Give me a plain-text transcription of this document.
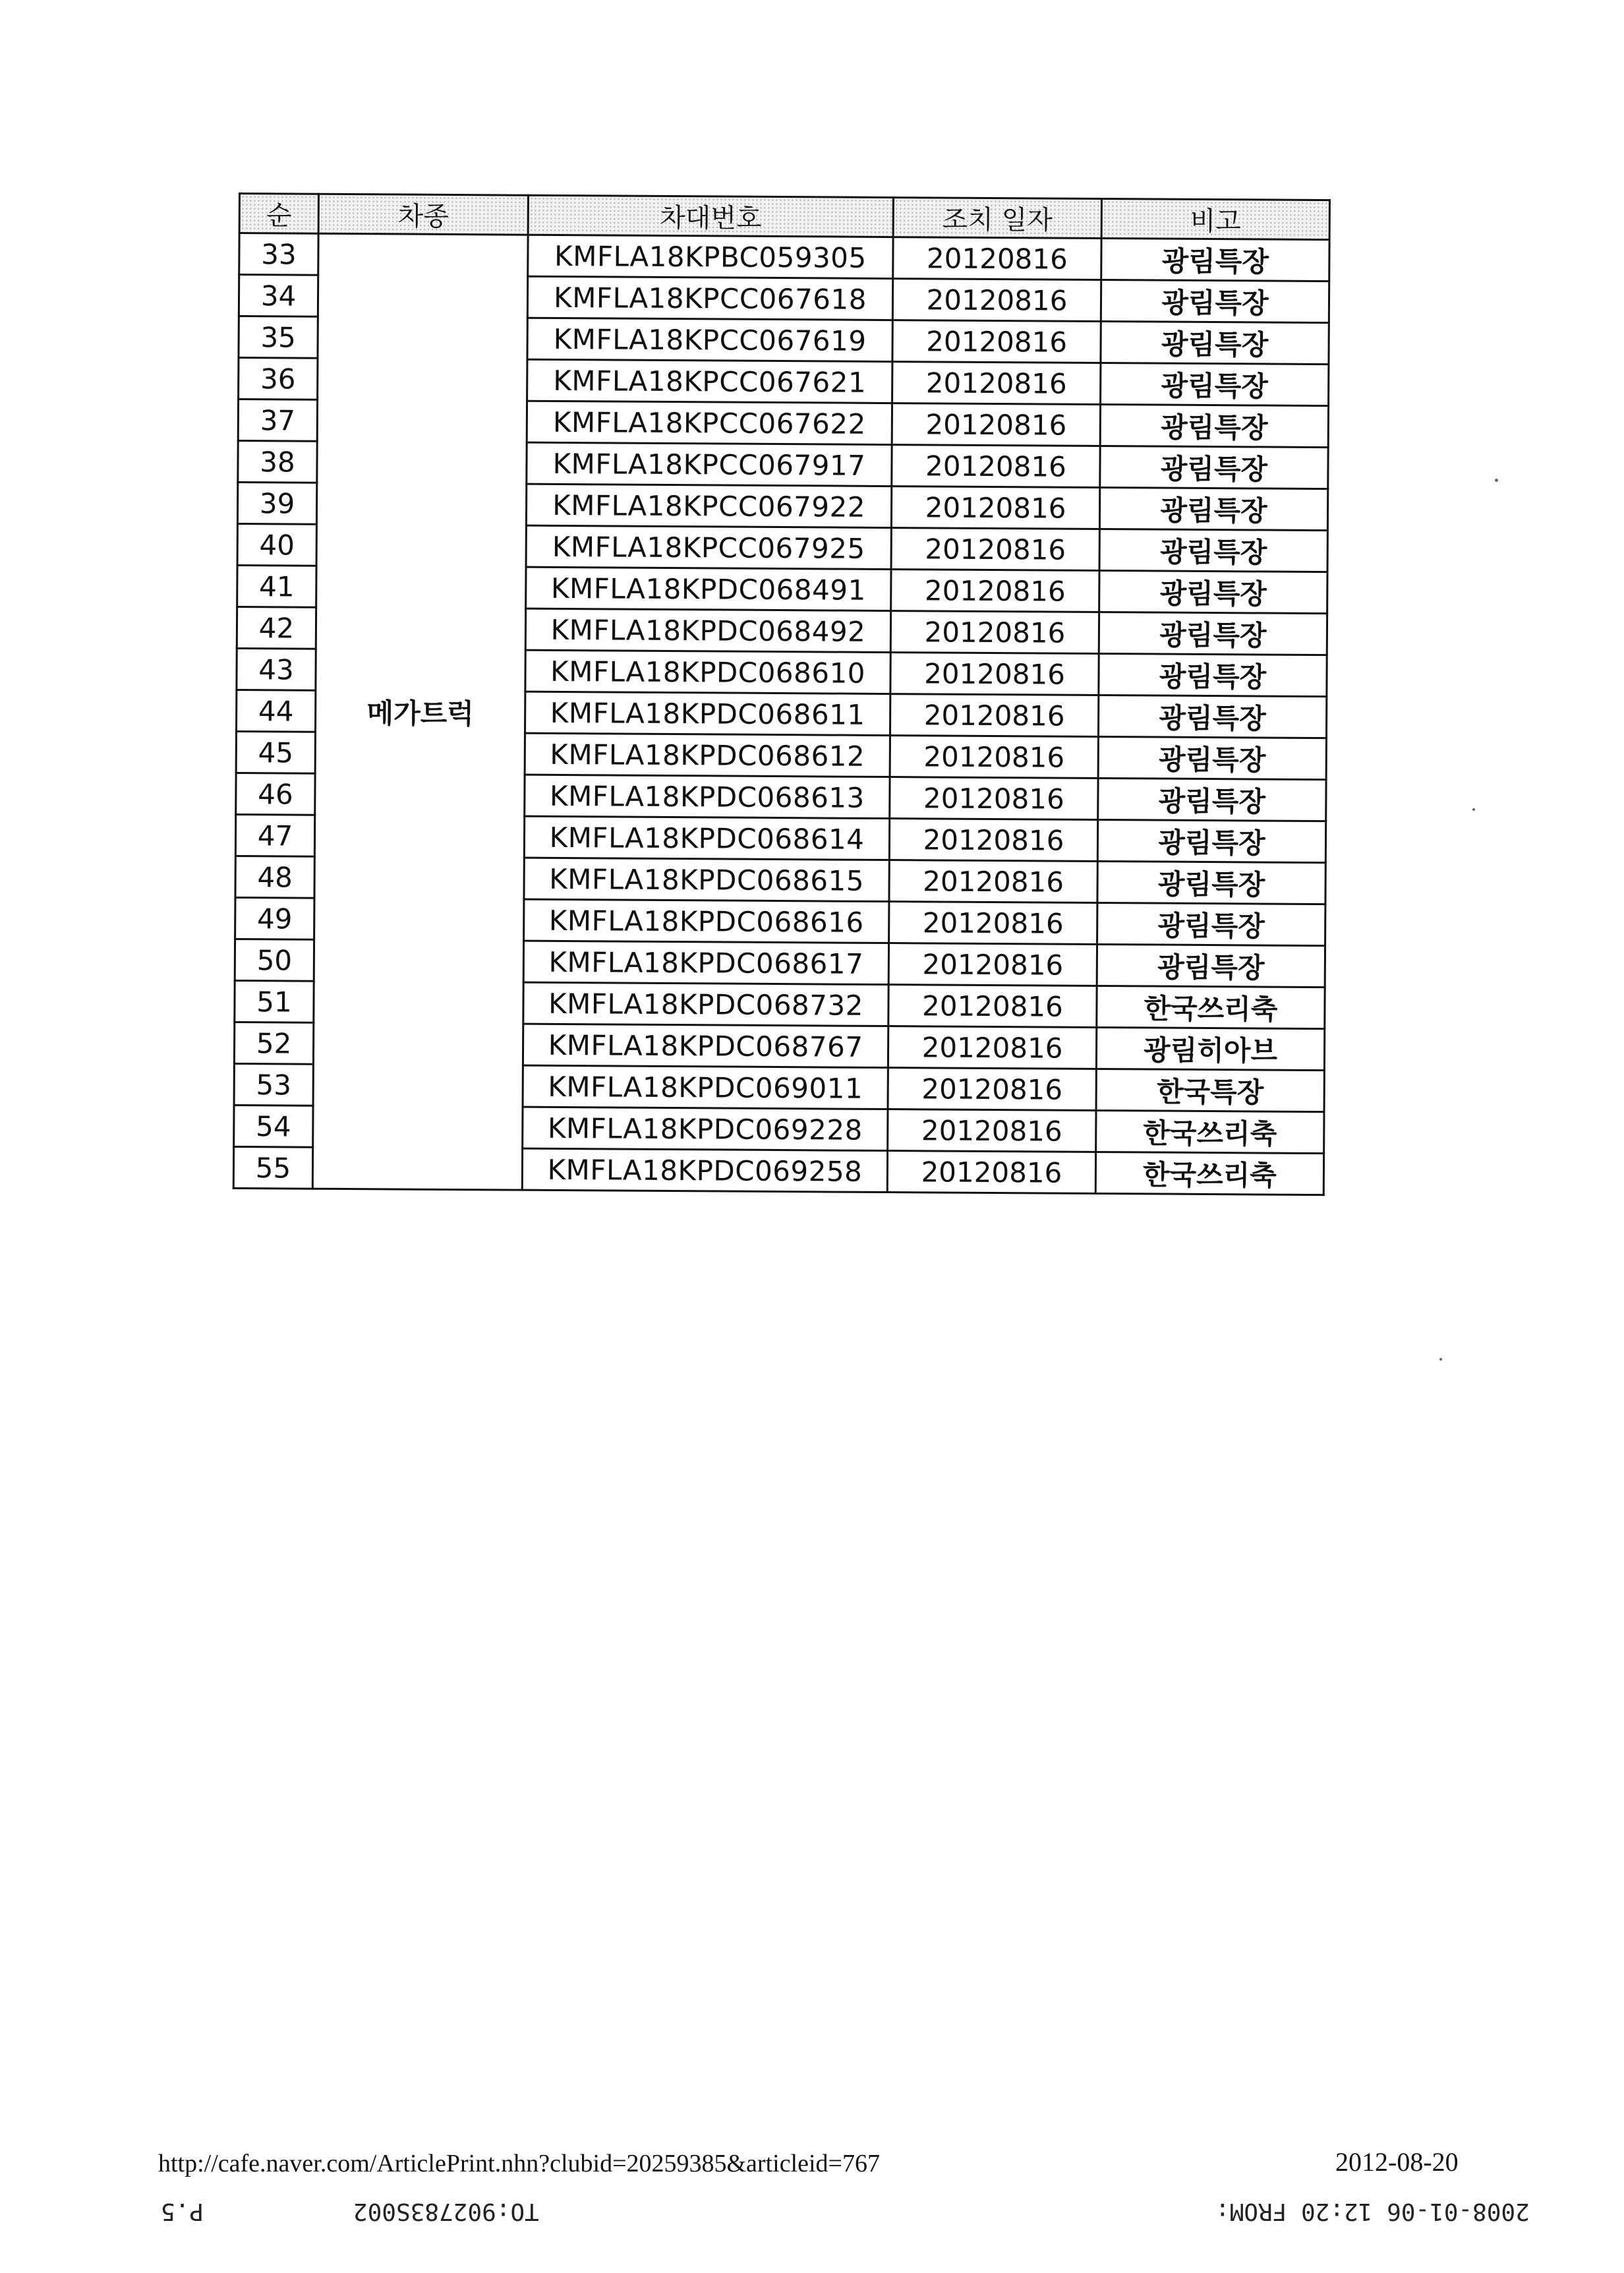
순	차종	차대번호	조치 일자	비고
33	메가트럭	KMFLA18KPBC059305	20120816	광림특장
34		KMFLA18KPCC067618	20120816	광림특장
35		KMFLA18KPCC067619	20120816	광림특장
36		KMFLA18KPCC067621	20120816	광림특장
37		KMFLA18KPCC067622	20120816	광림특장
38		KMFLA18KPCC067917	20120816	광림특장
39		KMFLA18KPCC067922	20120816	광림특장
40		KMFLA18KPCC067925	20120816	광림특장
41		KMFLA18KPDC068491	20120816	광림특장
42		KMFLA18KPDC068492	20120816	광림특장
43		KMFLA18KPDC068610	20120816	광림특장
44		KMFLA18KPDC068611	20120816	광림특장
45		KMFLA18KPDC068612	20120816	광림특장
46		KMFLA18KPDC068613	20120816	광림특장
47		KMFLA18KPDC068614	20120816	광림특장
48		KMFLA18KPDC068615	20120816	광림특장
49		KMFLA18KPDC068616	20120816	광림특장
50		KMFLA18KPDC068617	20120816	광림특장
51		KMFLA18KPDC068732	20120816	한국쓰리축
52		KMFLA18KPDC068767	20120816	광림히아브
53		KMFLA18KPDC069011	20120816	한국특장
54		KMFLA18KPDC069228	20120816	한국쓰리축
55		KMFLA18KPDC069258	20120816	한국쓰리축
http://cafe.naver.com/ArticlePrint.nhn?clubid=20259385&articleid=767	2012-08-20
P.5	TO:902783S002	2008-01-06 12:20 FROM:
